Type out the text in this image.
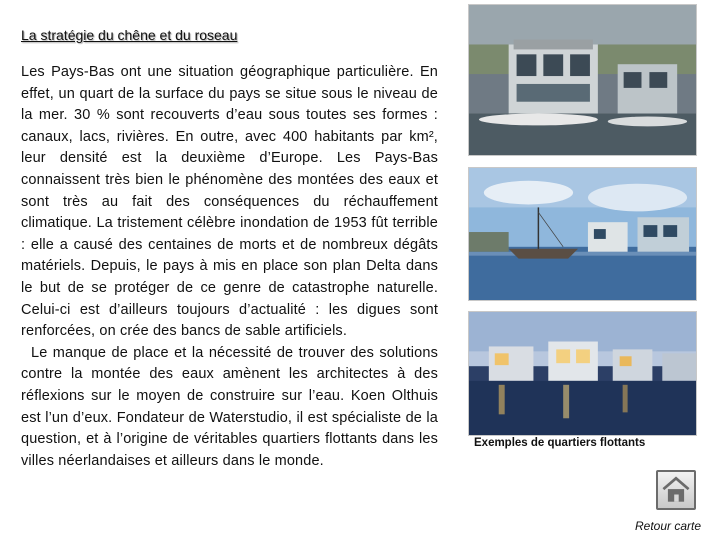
La stratégie du chêne et du roseau

Les Pays-Bas ont une situation géographique particulière. En effet, un quart de la surface du pays se situe sous le niveau de la mer. 30 % sont recouverts d’eau sous toutes ses formes : canaux, lacs, rivières. En outre, avec 400 habitants par km², leur densité est la deuxième d’Europe. Les Pays-Bas connaissent très bien le phénomène des montées des eaux et sont très au fait des conséquences du réchauffement climatique. La tristement célèbre inondation de 1953 fût terrible : elle a causé des centaines de morts et de nombreux dégâts matériels. Depuis, le pays à mis en place son plan Delta dans le but de se protéger de ce genre de catastrophe naturelle. Celui-ci est d’ailleurs toujours d’actualité : les digues sont renforcées, on crée des bancs de sable artificiels.

Le manque de place et la nécessité de trouver des solutions contre la montée des eaux amènent les architectes à des réflexions sur le moyen de construire sur l’eau. Koen Olthuis est l’un d’eux. Fondateur de Waterstudio, il est spécialiste de la question, et à l’origine de véritables quartiers flottants dans les villes néerlandaises et ailleurs dans le monde.

Exemples de quartiers flottants
Retour carte
